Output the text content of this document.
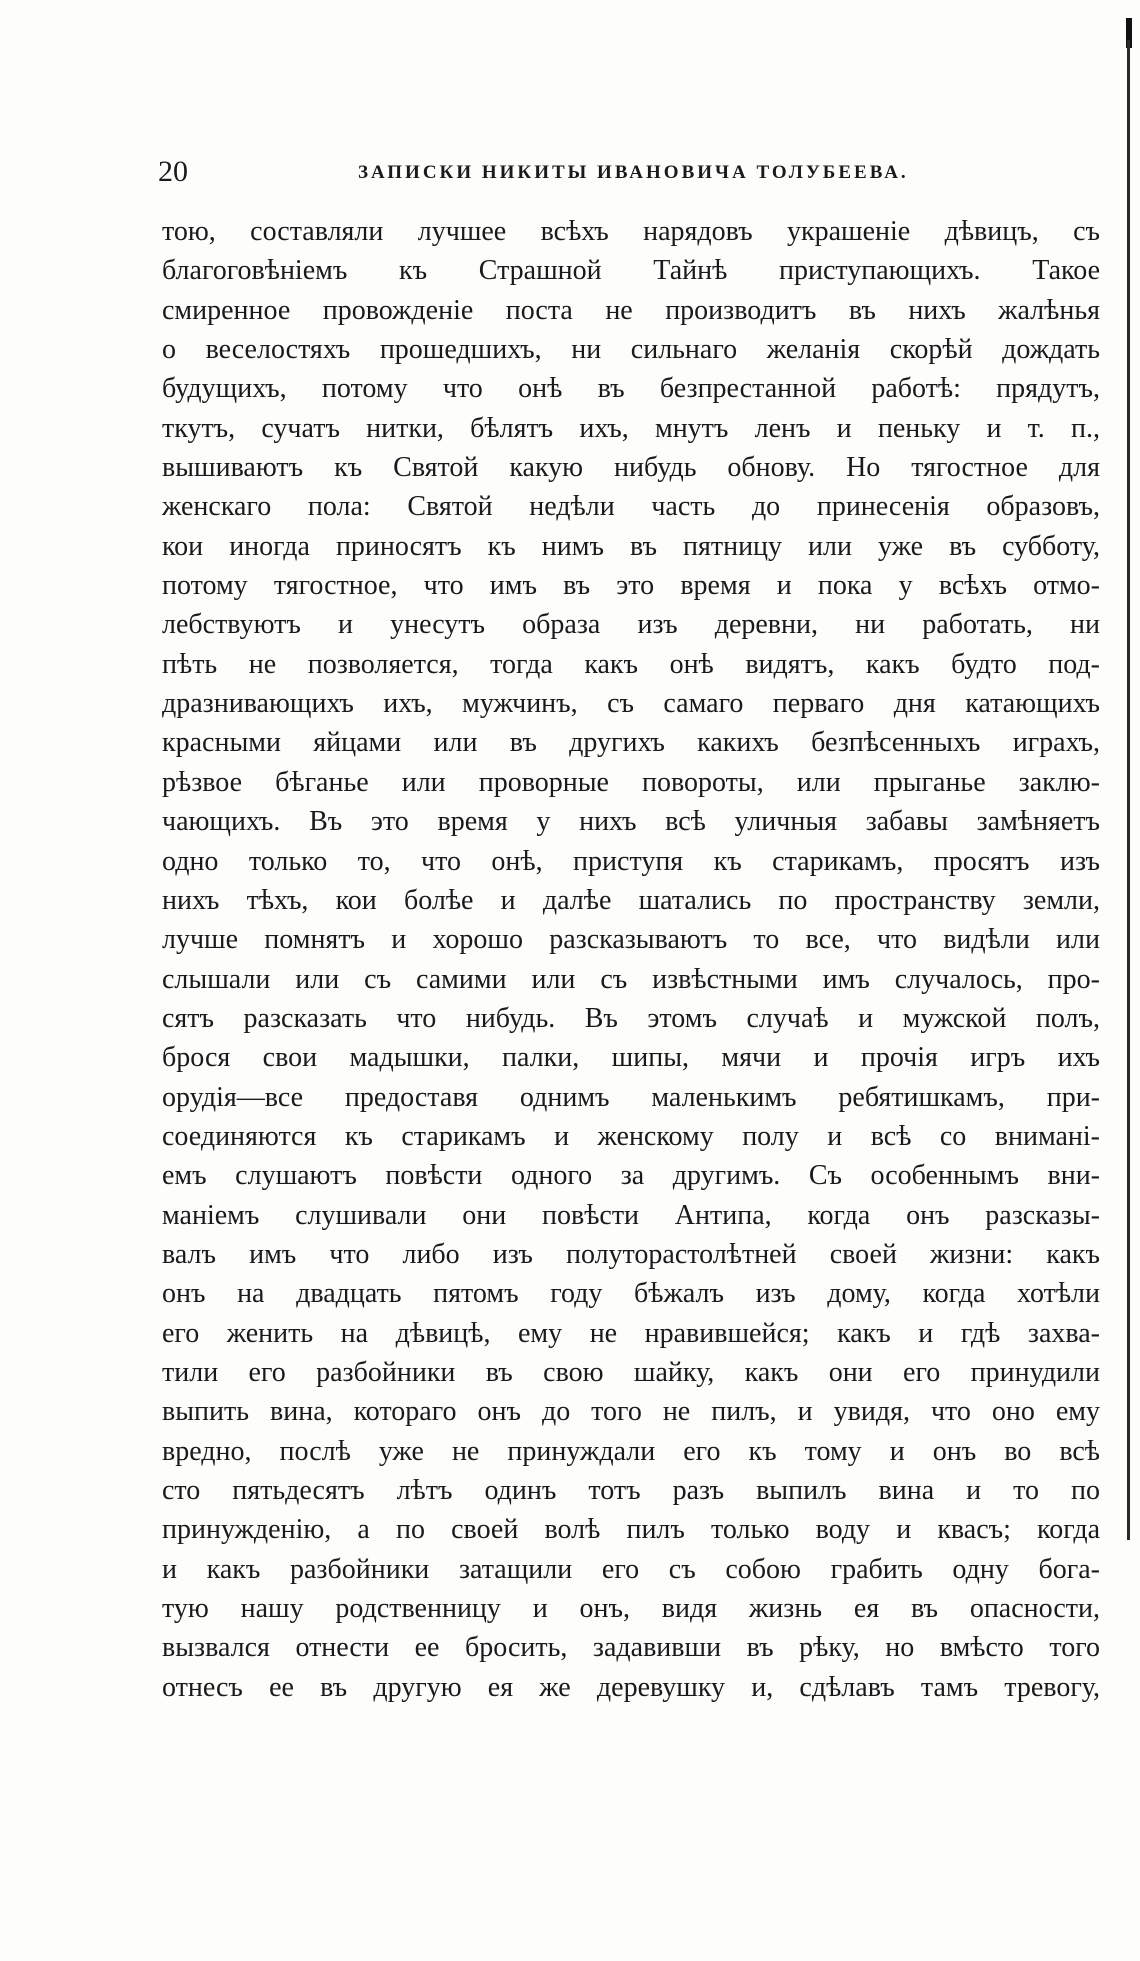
20	ЗАПИСКИ НИКИТЫ ИВАНОВИЧА ТОЛУБЕЕВА.
тою, составляли лучшее всѣхъ нарядовъ украшеніе дѣвицъ, съ
благоговѣніемъ къ Страшной Тайнѣ приступающихъ. Такое
смиренное провожденіе поста не производитъ въ нихъ жалѣнья
о веселостяхъ прошедшихъ, ни сильнаго желанія скорѣй дождать
будущихъ, потому что онѣ въ безпрестанной работѣ: прядутъ,
ткутъ, сучатъ нитки, бѣлятъ ихъ, мнутъ ленъ и пеньку и т. п.,
вышиваютъ къ Святой какую нибудь обнову. Но тягостное для
женскаго пола: Святой недѣли часть до принесенія образовъ,
кои иногда приносятъ къ нимъ въ пятницу или уже въ субботу,
потому тягостное, что имъ въ это время и пока у всѣхъ отмо-
лебствуютъ и унесутъ образа изъ деревни, ни работать, ни
пѣть не позволяется, тогда какъ онѣ видятъ, какъ будто под-
дразнивающихъ ихъ, мужчинъ, съ самаго перваго дня катающихъ
красными яйцами или въ другихъ какихъ безпѣсенныхъ играхъ,
рѣзвое бѣганье или проворные повороты, или прыганье заклю-
чающихъ. Въ это время у нихъ всѣ уличныя забавы замѣняетъ
одно только то, что онѣ, приступя къ старикамъ, просятъ изъ
нихъ тѣхъ, кои болѣе и далѣе шатались по пространству земли,
лучше помнятъ и хорошо разсказываютъ то все, что видѣли или
слышали или съ самими или съ извѣстными имъ случалось, про-
сятъ разсказать что нибудь. Въ этомъ случаѣ и мужской полъ,
брося свои мадышки, палки, шипы, мячи и прочія игръ ихъ
орудія—все предоставя однимъ маленькимъ ребятишкамъ, при-
соединяются къ старикамъ и женскому полу и всѣ со внимані-
емъ слушаютъ повѣсти одного за другимъ. Съ особеннымъ вни-
маніемъ слушивали они повѣсти Антипа, когда онъ разсказы-
валъ имъ что либо изъ полуторастолѣтней своей жизни: какъ
онъ на двадцать пятомъ году бѣжалъ изъ дому, когда хотѣли
его женить на дѣвицѣ, ему не нравившейся; какъ и гдѣ захва-
тили его разбойники въ свою шайку, какъ они его принудили
выпить вина, котораго онъ до того не пилъ, и увидя, что оно ему
вредно, послѣ уже не принуждали его къ тому и онъ во всѣ
сто пятьдесятъ лѣтъ одинъ тотъ разъ выпилъ вина и то по
принужденію, а по своей волѣ пилъ только воду и квасъ; когда
и какъ разбойники затащили его съ собою грабить одну бога-
тую нашу родственницу и онъ, видя жизнь ея въ опасности,
вызвался отнести ее бросить, задавивши въ рѣку, но вмѣсто того
отнесъ ее въ другую ея же деревушку и, сдѣлавъ тамъ тревогу,
